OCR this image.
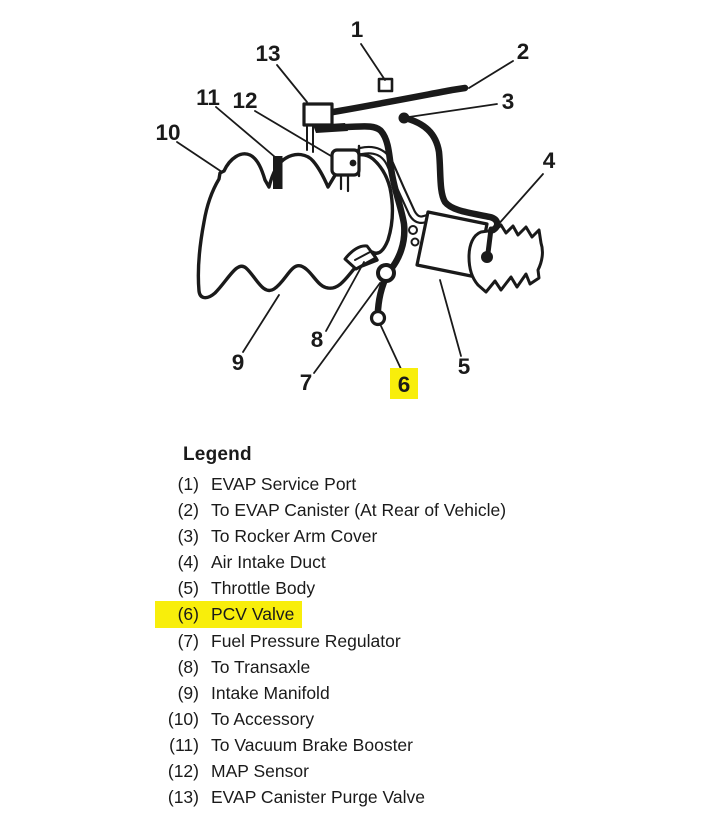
1
2
3
4
5
6
7
8
9
10
11 12
13
Legend
(1) EVAP Service Port
(2) To EVAP Canister (At Rear of Vehicle)
(3) To Rocker Arm Cover
(4) Air Intake Duct
(5) Throttle Body
(6) PCV Valve
(7) Fuel Pressure Regulator
(8) To Transaxle
(9) Intake Manifold
(10) To Accessory
(11) To Vacuum Brake Booster
(12) MAP Sensor
(13) EVAP Canister Purge Valve
